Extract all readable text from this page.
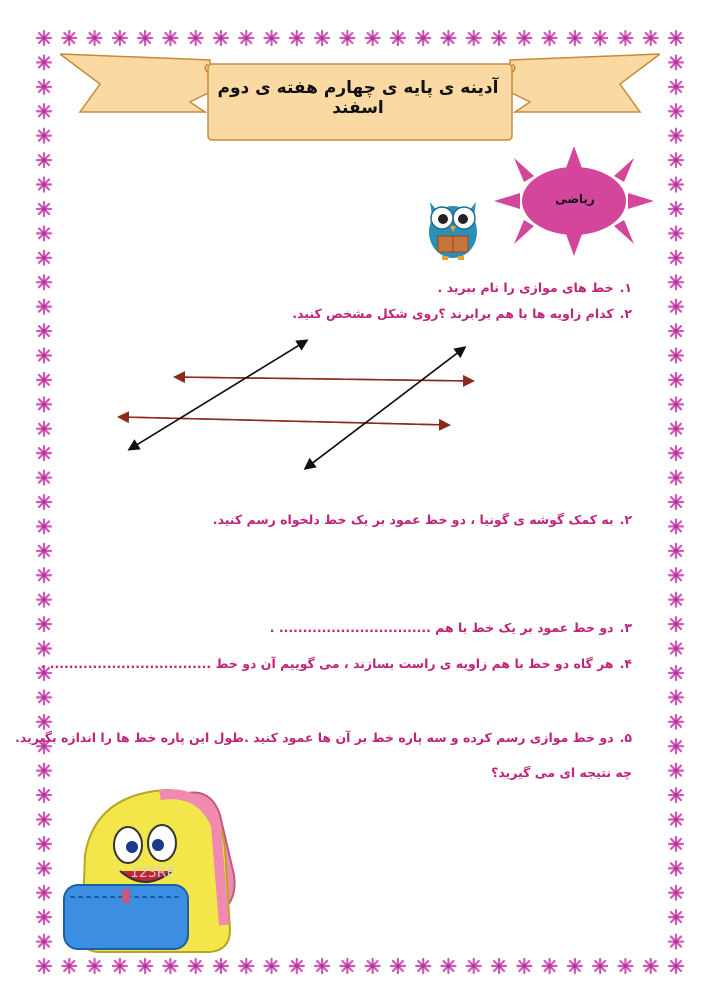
آدینه ی پایه ی چهارم هفته ی دوم اسفند
ریاضی
۱.خط های موازی را نام ببرید .
۲.کدام زاویه ها با هم برابرند ؟روی شکل مشخص کنید.
۲.به کمک گوشه ی گونیا ، دو خط عمود بر یک خط دلخواه رسم کنید.
۳.دو خط عمود بر یک خط با هم ................................ .
۴.هر گاه دو خط با هم زاویه ی راست بسازند ، می گوییم آن دو خط .................................. .
۵.دو خط موازی رسم کرده و سه پاره خط بر آن ها عمود کنید .طول این پاره خط ها را اندازه بگیرید.
چه نتیجه ای می گیرید؟
123RF
